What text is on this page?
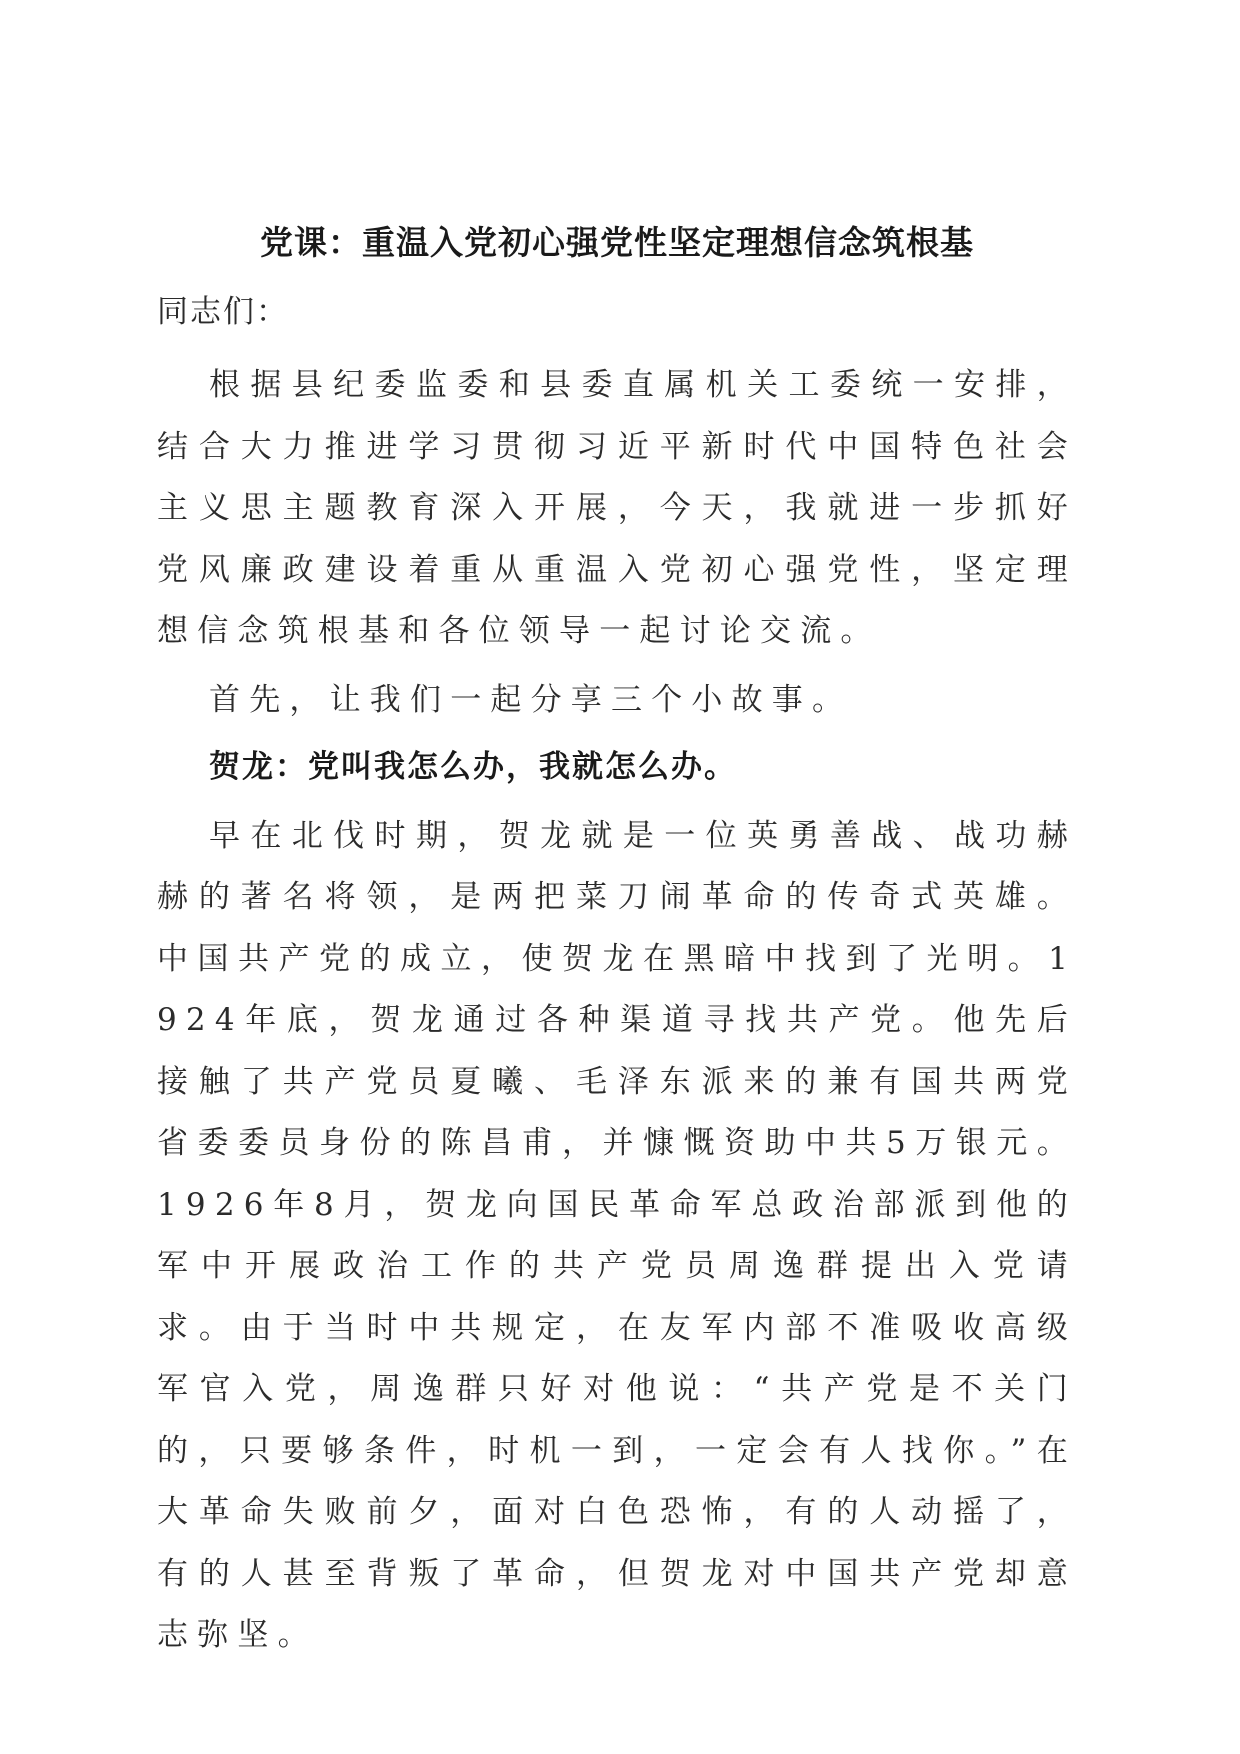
党课：重温入党初心强党性坚定理想信念筑根基
同志们：

根据县纪委监委和县委直属机关工委统一安排，结合大力推进学习贯彻习近平新时代中国特色社会主义思主题教育深入开展，今天，我就进一步抓好党风廉政建设着重从重温入党初心强党性，坚定理想信念筑根基和各位领导一起讨论交流。

首先，让我们一起分享三个小故事。

贺龙：党叫我怎么办，我就怎么办。

早在北伐时期，贺龙就是一位英勇善战、战功赫赫的著名将领，是两把菜刀闹革命的传奇式英雄。中国共产党的成立，使贺龙在黑暗中找到了光明。1924年底，贺龙通过各种渠道寻找共产党。他先后接触了共产党员夏曦、毛泽东派来的兼有国共两党省委委员身份的陈昌甫，并慷慨资助中共5万银元。1926年8月，贺龙向国民革命军总政治部派到他的军中开展政治工作的共产党员周逸群提出入党请求。由于当时中共规定，在友军内部不准吸收高级军官入党，周逸群只好对他说：“共产党是不关门的，只要够条件，时机一到，一定会有人找你。”在大革命失败前夕，面对白色恐怖，有的人动摇了，有的人甚至背叛了革命，但贺龙对中国共产党却意志弥坚。
